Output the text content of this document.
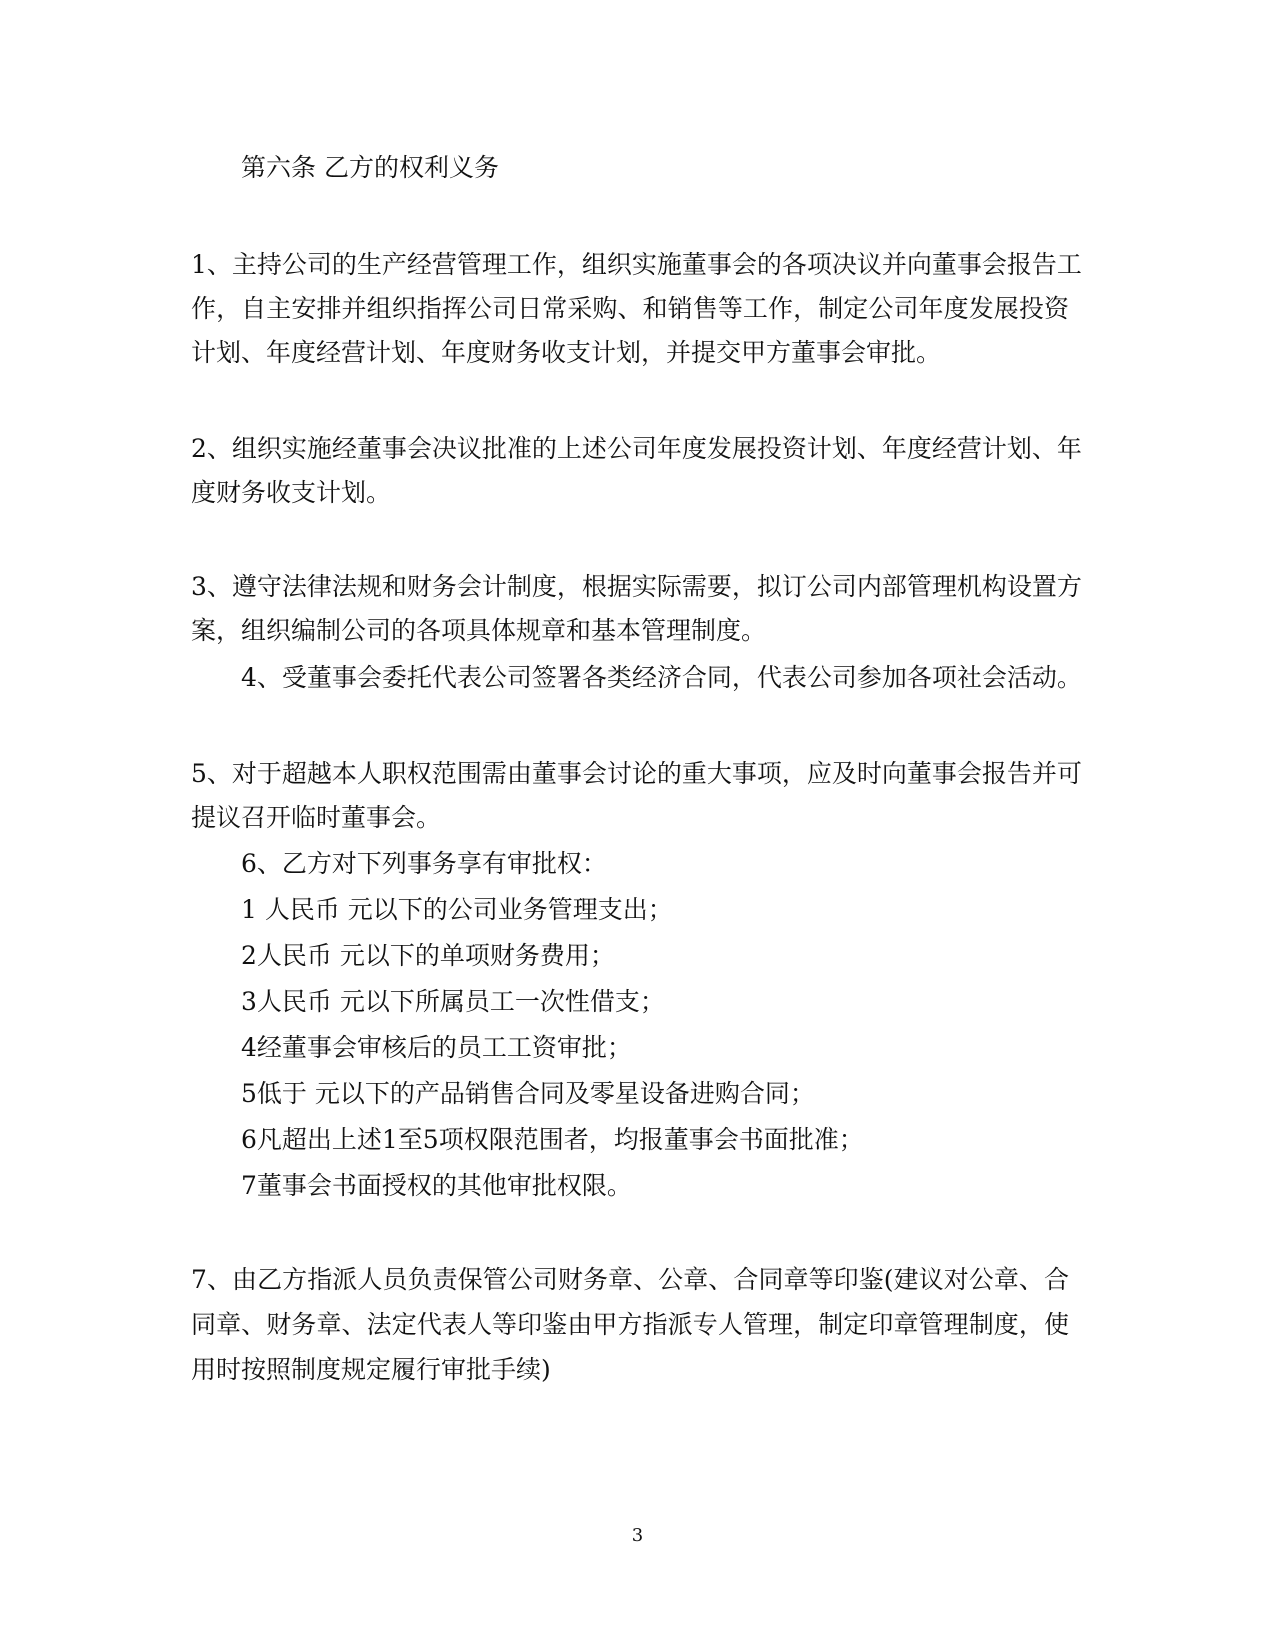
第六条 乙方的权利义务
1、主持公司的生产经营管理工作，组织实施董事会的各项决议并向董事会报告工
作，自主安排并组织指挥公司日常采购、和销售等工作，制定公司年度发展投资
计划、年度经营计划、年度财务收支计划，并提交甲方董事会审批。
2、组织实施经董事会决议批准的上述公司年度发展投资计划、年度经营计划、年
度财务收支计划。
3、遵守法律法规和财务会计制度，根据实际需要，拟订公司内部管理机构设置方
案，组织编制公司的各项具体规章和基本管理制度。
4、受董事会委托代表公司签署各类经济合同，代表公司参加各项社会活动。
5、对于超越本人职权范围需由董事会讨论的重大事项，应及时向董事会报告并可
提议召开临时董事会。
6、乙方对下列事务享有审批权：
1 人民币 元以下的公司业务管理支出；
2人民币 元以下的单项财务费用；
3人民币 元以下所属员工一次性借支；
4经董事会审核后的员工工资审批；
5低于 元以下的产品销售合同及零星设备进购合同；
6凡超出上述1至5项权限范围者，均报董事会书面批准；
7董事会书面授权的其他审批权限。
7、由乙方指派人员负责保管公司财务章、公章、合同章等印鉴(建议对公章、合
同章、财务章、法定代表人等印鉴由甲方指派专人管理，制定印章管理制度，使
用时按照制度规定履行审批手续)
3
